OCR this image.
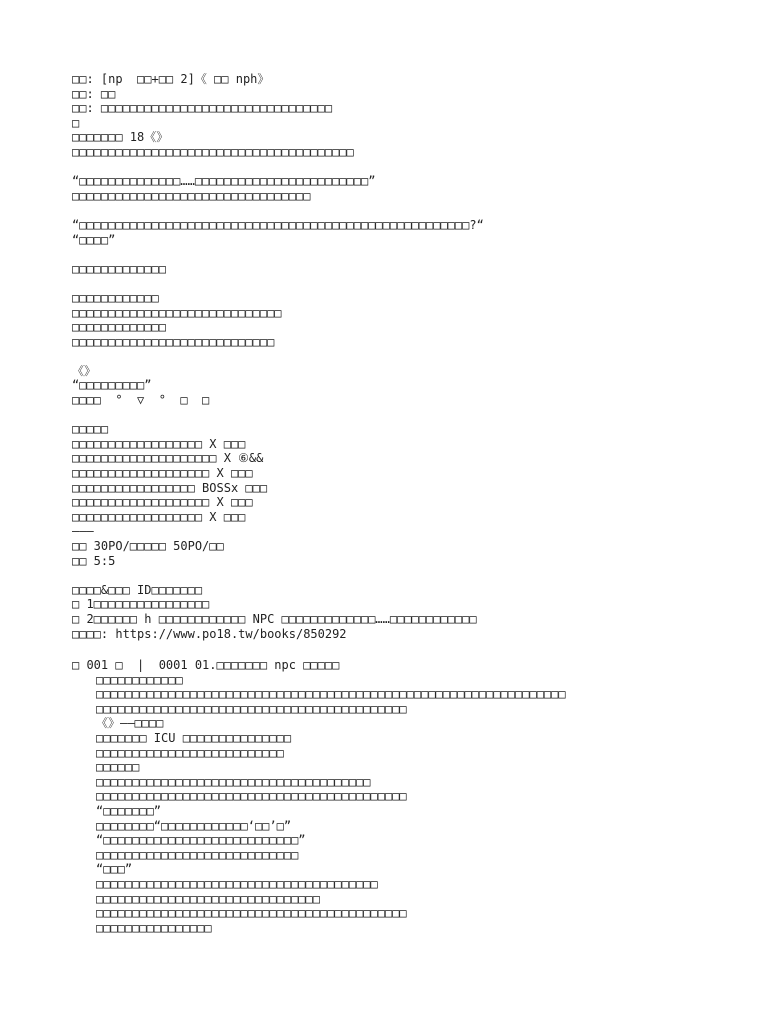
□□: [np  □□+□□ 2]《 □□ nph》
□□: □□
□□: □□□□□□□□□□□□□□□□□□□□□□□□□□□□□□□□
□
□□□□□□□ 18《》
□□□□□□□□□□□□□□□□□□□□□□□□□□□□□□□□□□□□□□□
“□□□□□□□□□□□□□□……□□□□□□□□□□□□□□□□□□□□□□□□”
□□□□□□□□□□□□□□□□□□□□□□□□□□□□□□□□□
“□□□□□□□□□□□□□□□□□□□□□□□□□□□□□□□□□□□□□□□□□□□□□□□□□□□□□□?“
“□□□□”
□□□□□□□□□□□□□
□□□□□□□□□□□□
□□□□□□□□□□□□□□□□□□□□□□□□□□□□□
□□□□□□□□□□□□□
□□□□□□□□□□□□□□□□□□□□□□□□□□□□
《》
“□□□□□□□□□”
□□□□  °  ▽  °  □  □
□□□□□
□□□□□□□□□□□□□□□□□□ X □□□
□□□□□□□□□□□□□□□□□□□□ X ⑥&&
□□□□□□□□□□□□□□□□□□□ X □□□
□□□□□□□□□□□□□□□□□ BOSSx □□□
□□□□□□□□□□□□□□□□□□□ X □□□
□□□□□□□□□□□□□□□□□□ X □□□
———
□□ 30PO/□□□□□ 50PO/□□
□□ 5:5
□□□□&□□□ ID□□□□□□□
□ 1□□□□□□□□□□□□□□□□
□ 2□□□□□□ h □□□□□□□□□□□□ NPC □□□□□□□□□□□□□……□□□□□□□□□□□□
□□□□: https://www.po18.tw/books/850292
□ 001 □  |  0001 01.□□□□□□□ npc □□□□□
□□□□□□□□□□□□
□□□□□□□□□□□□□□□□□□□□□□□□□□□□□□□□□□□□□□□□□□□□□□□□□□□□□□□□□□□□□□□□□
□□□□□□□□□□□□□□□□□□□□□□□□□□□□□□□□□□□□□□□□□□□
《》——□□□□
□□□□□□□ ICU □□□□□□□□□□□□□□□
□□□□□□□□□□□□□□□□□□□□□□□□□□
□□□□□□
□□□□□□□□□□□□□□□□□□□□□□□□□□□□□□□□□□□□□□
□□□□□□□□□□□□□□□□□□□□□□□□□□□□□□□□□□□□□□□□□□□
“□□□□□□□”
□□□□□□□□“□□□□□□□□□□□□‘□□’□”
“□□□□□□□□□□□□□□□□□□□□□□□□□□□”
□□□□□□□□□□□□□□□□□□□□□□□□□□□□
“□□□”
□□□□□□□□□□□□□□□□□□□□□□□□□□□□□□□□□□□□□□□
□□□□□□□□□□□□□□□□□□□□□□□□□□□□□□□
□□□□□□□□□□□□□□□□□□□□□□□□□□□□□□□□□□□□□□□□□□□
□□□□□□□□□□□□□□□□
